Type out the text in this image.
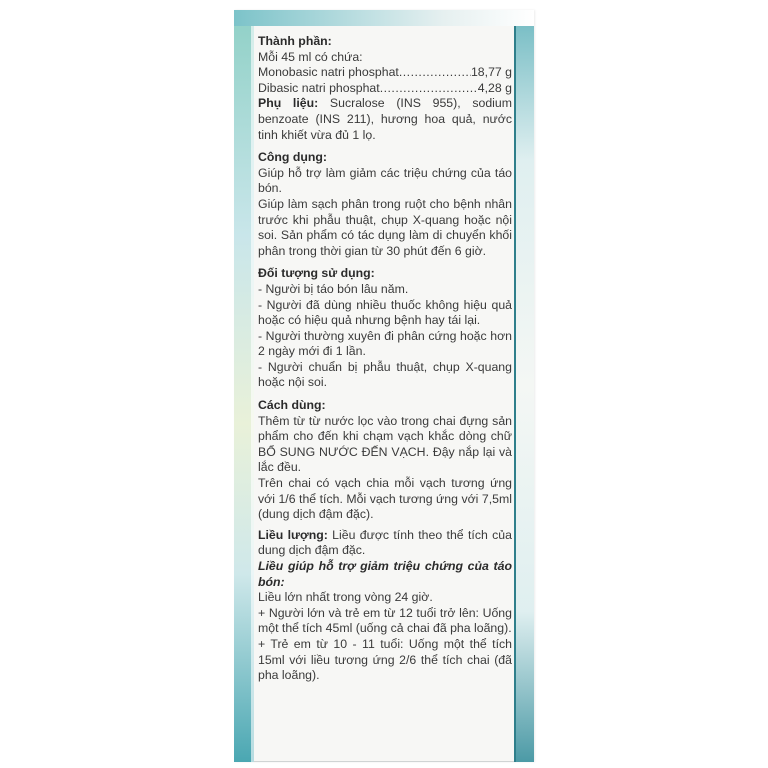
Thành phần:
Mỗi 45 ml có chứa:
Monobasic natri phosphat .....	18,77 g
Dibasic natri phosphat .....	4,28 g
Phụ liệu: Sucralose (INS 955), sodium benzoate (INS 211), hương hoa quả, nước tinh khiết vừa đủ 1 lọ.
Công dụng:
Giúp hỗ trợ làm giảm các triệu chứng của táo bón.
Giúp làm sạch phân trong ruột cho bệnh nhân trước khi phẫu thuật, chụp X-quang hoặc nội soi. Sản phẩm có tác dụng làm di chuyển khối phân trong thời gian từ 30 phút đến 6 giờ.
Đối tượng sử dụng:
- Người bị táo bón lâu năm.
- Người đã dùng nhiều thuốc không hiệu quả hoặc có hiệu quả nhưng bệnh hay tái lại.
- Người thường xuyên đi phân cứng hoặc hơn 2 ngày mới đi 1 lần.
- Người chuẩn bị phẫu thuật, chụp X-quang hoặc nội soi.
Cách dùng:
Thêm từ từ nước lọc vào trong chai đựng sản phẩm cho đến khi chạm vạch khắc dòng chữ BỔ SUNG NƯỚC ĐẾN VẠCH. Đậy nắp lại và lắc đều.
Trên chai có vạch chia mỗi vạch tương ứng với 1/6 thể tích. Mỗi vạch tương ứng với 7,5ml (dung dịch đậm đặc).
Liều lượng: Liều được tính theo thể tích của dung dịch đậm đặc.
Liều giúp hỗ trợ giảm triệu chứng của táo bón:
Liều lớn nhất trong vòng 24 giờ.
+ Người lớn và trẻ em từ 12 tuổi trở lên: Uống một thể tích 45ml (uống cả chai đã pha loãng).
+ Trẻ em từ 10 - 11 tuổi: Uống một thể tích 15ml với liều tương ứng 2/6 thể tích chai (đã pha loãng).
